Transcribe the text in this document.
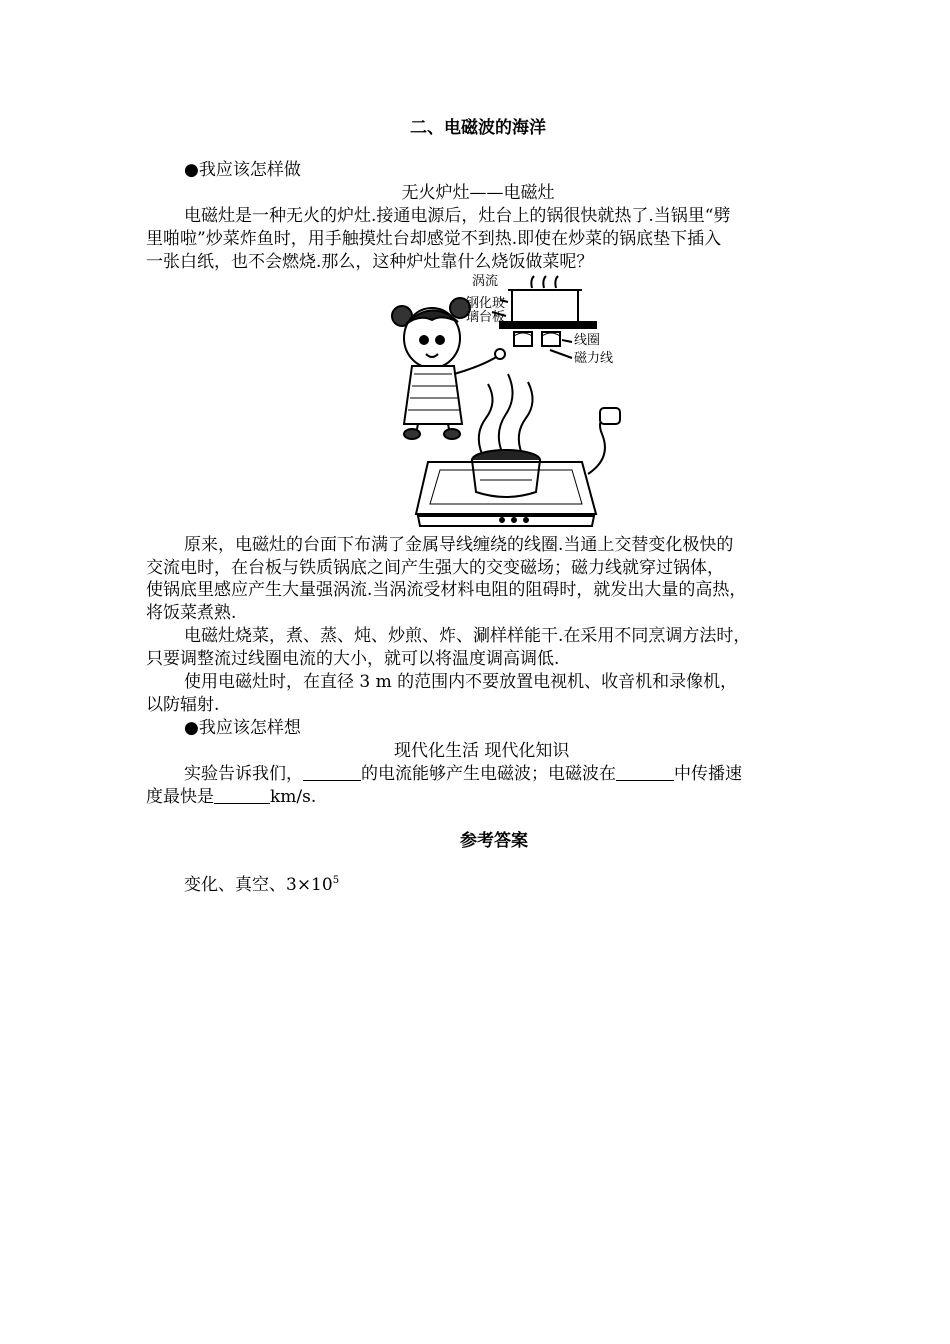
二、电磁波的海洋
●我应该怎样做
无火炉灶——电磁灶
电磁灶是一种无火的炉灶.接通电源后，灶台上的锅很快就热了.当锅里“劈
里啪啦”炒菜炸鱼时，用手触摸灶台却感觉不到热.即使在炒菜的锅底垫下插入
一张白纸，也不会燃烧.那么，这种炉灶靠什么烧饭做菜呢？
涡流
钢化玻
璃台板
线圈
磁力线
原来，电磁灶的台面下布满了金属导线缠绕的线圈.当通上交替变化极快的
交流电时，在台板与铁质锅底之间产生强大的交变磁场；磁力线就穿过锅体，
使锅底里感应产生大量强涡流.当涡流受材料电阻的阻碍时，就发出大量的高热，
将饭菜煮熟.
电磁灶烧菜，煮、蒸、炖、炒煎、炸、涮样样能干.在采用不同烹调方法时，
只要调整流过线圈电流的大小，就可以将温度调高调低.
使用电磁灶时，在直径 3 m 的范围内不要放置电视机、收音机和录像机，
以防辐射.
●我应该怎样想
现代化生活 现代化知识
实验告诉我们，	的电流能够产生电磁波；电磁波在	中传播速
度最快是	km/s.
参考答案
变化、真空、$3\times 10^5$
